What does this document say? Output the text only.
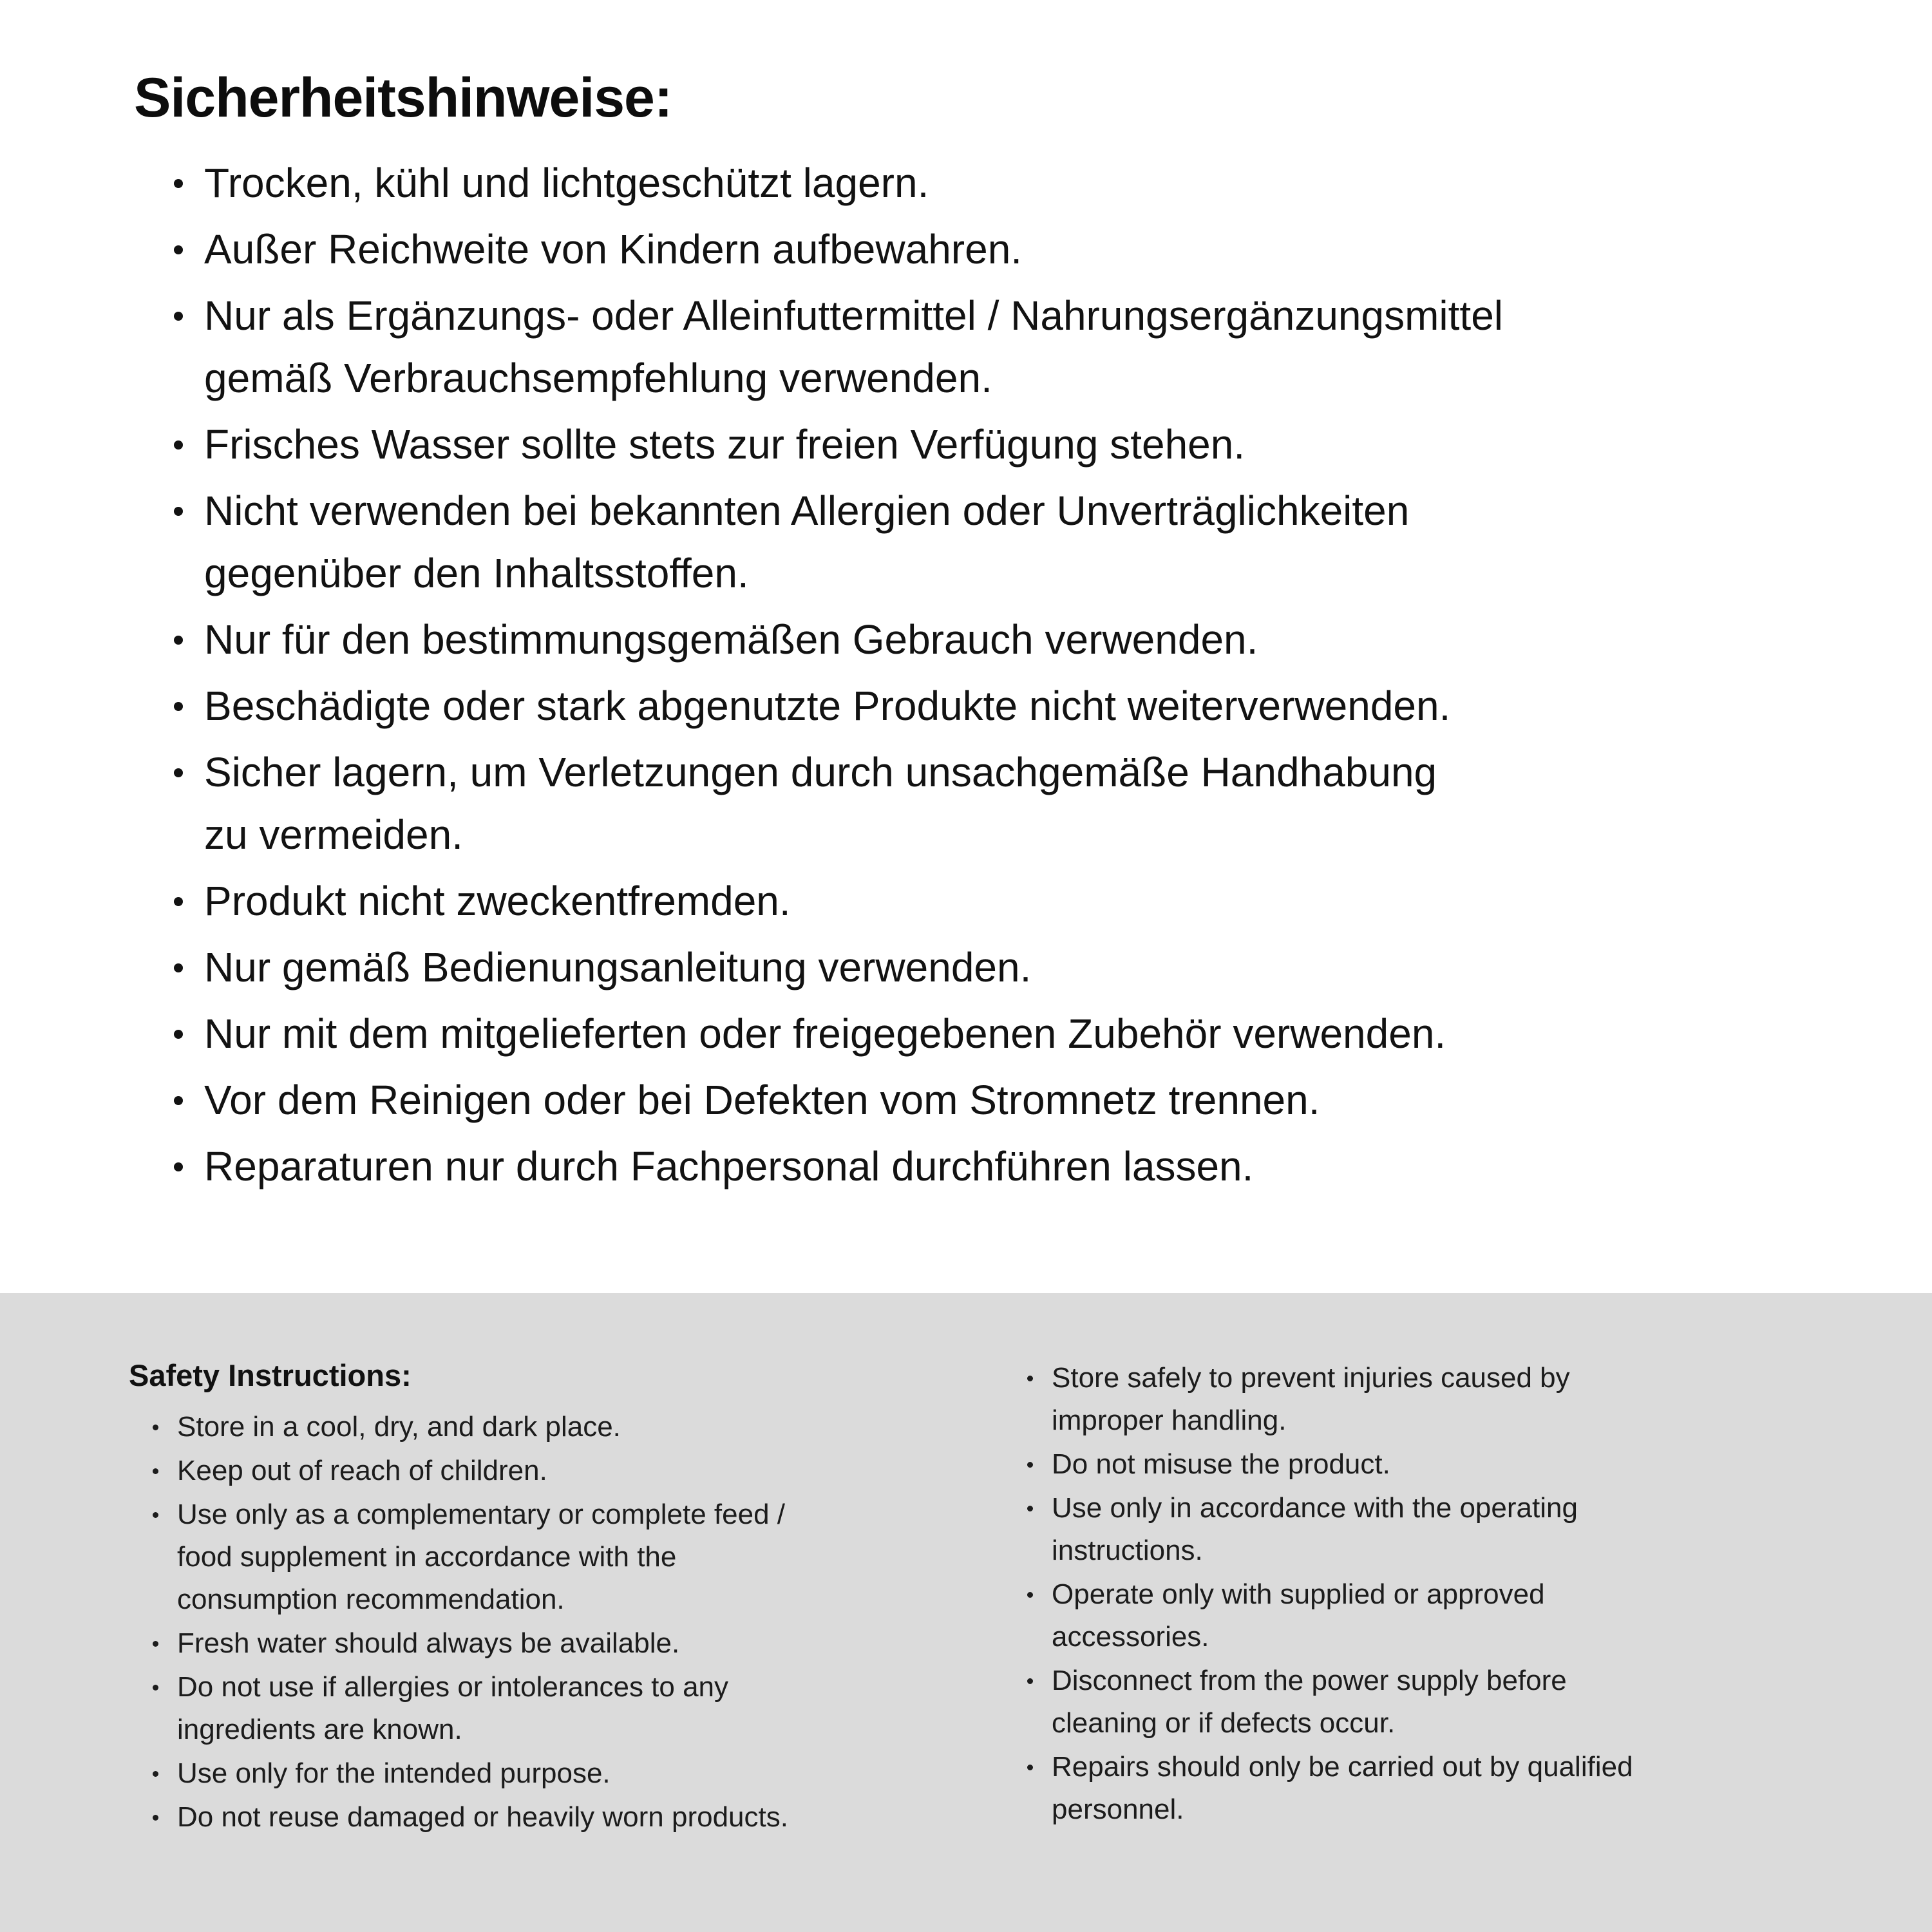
Sicherheitshinweise:
Trocken, kühl und lichtgeschützt lagern.
Außer Reichweite von Kindern aufbewahren.
Nur als Ergänzungs- oder Alleinfuttermittel / Nahrungsergänzungsmittel
gemäß Verbrauchsempfehlung verwenden.
Frisches Wasser sollte stets zur freien Verfügung stehen.
Nicht verwenden bei bekannten Allergien oder Unverträglichkeiten
gegenüber den Inhaltsstoffen.
Nur für den bestimmungsgemäßen Gebrauch verwenden.
Beschädigte oder stark abgenutzte Produkte nicht weiterverwenden.
Sicher lagern, um Verletzungen durch unsachgemäße Handhabung
zu vermeiden.
Produkt nicht zweckentfremden.
Nur gemäß Bedienungsanleitung verwenden.
Nur mit dem mitgelieferten oder freigegebenen Zubehör verwenden.
Vor dem Reinigen oder bei Defekten vom Stromnetz trennen.
Reparaturen nur durch Fachpersonal durchführen lassen.
Safety Instructions:
Store in a cool, dry, and dark place.
Keep out of reach of children.
Use only as a complementary or complete feed /
food supplement in accordance with the
consumption recommendation.
Fresh water should always be available.
Do not use if allergies or intolerances to any
ingredients are known.
Use only for the intended purpose.
Do not reuse damaged or heavily worn products.
Store safely to prevent injuries caused by
improper handling.
Do not misuse the product.
Use only in accordance with the operating
instructions.
Operate only with supplied or approved
accessories.
Disconnect from the power supply before
cleaning or if defects occur.
Repairs should only be carried out by qualified
personnel.
